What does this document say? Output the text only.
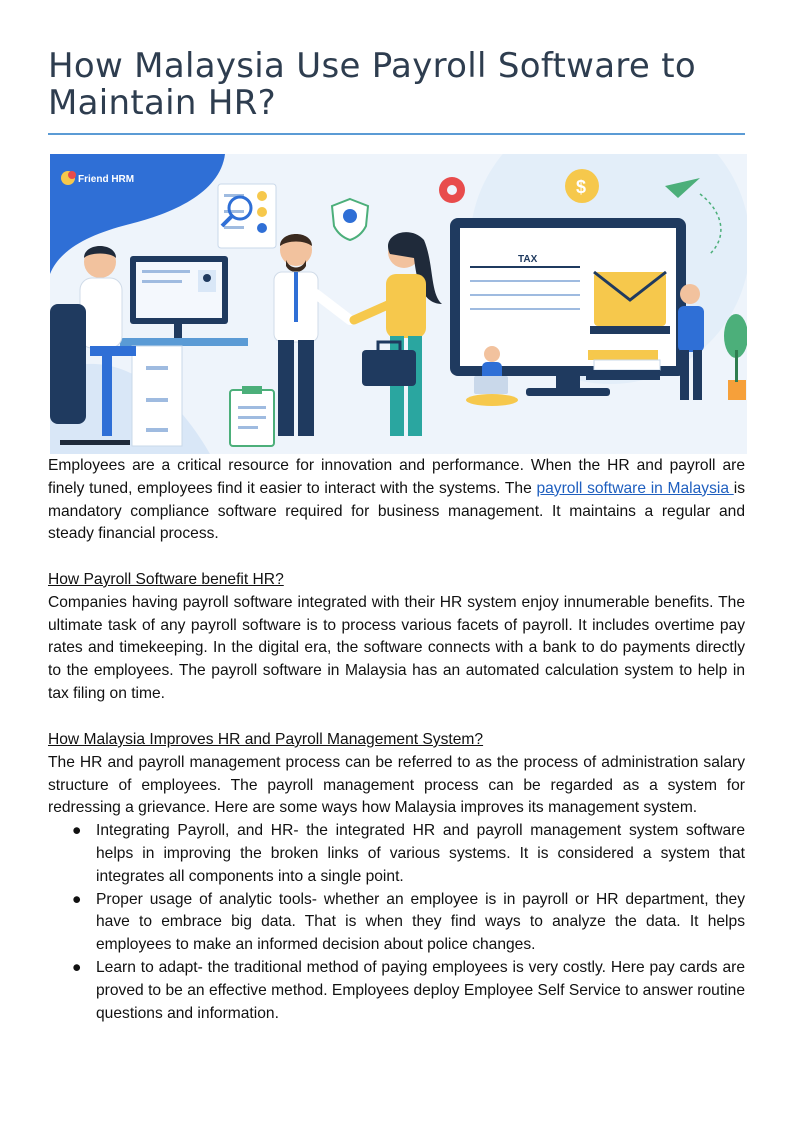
How Malaysia Use Payroll Software to Maintain HR?
Friend HRM	$
TAX

Employees are a critical resource for innovation and performance. When the HR and payroll are finely tuned, employees find it easier to interact with the systems. The payroll software in Malaysia is mandatory compliance software required for business management. It maintains a regular and steady financial process.

How Payroll Software benefit HR?

Companies having payroll software integrated with their HR system enjoy innumerable benefits. The ultimate task of any payroll software is to process various facets of payroll. It includes overtime pay rates and timekeeping. In the digital era, the software connects with a bank to do payments directly to the employees. The payroll software in Malaysia has an automated calculation system to help in tax filing on time.

How Malaysia Improves HR and Payroll Management System?

The HR and payroll management process can be referred to as the process of administration salary structure of employees. The payroll management process can be regarded as a system for redressing a grievance. Here are some ways how Malaysia improves its management system.

● Integrating Payroll, and HR- the integrated HR and payroll management system software helps in improving the broken links of various systems. It is considered a system that integrates all components into a single point.
● Proper usage of analytic tools- whether an employee is in payroll or HR department, they have to embrace big data. That is when they find ways to analyze the data. It helps employees to make an informed decision about police changes.
● Learn to adapt- the traditional method of paying employees is very costly. Here pay cards are proved to be an effective method. Employees deploy Employee Self Service to answer routine questions and information.
